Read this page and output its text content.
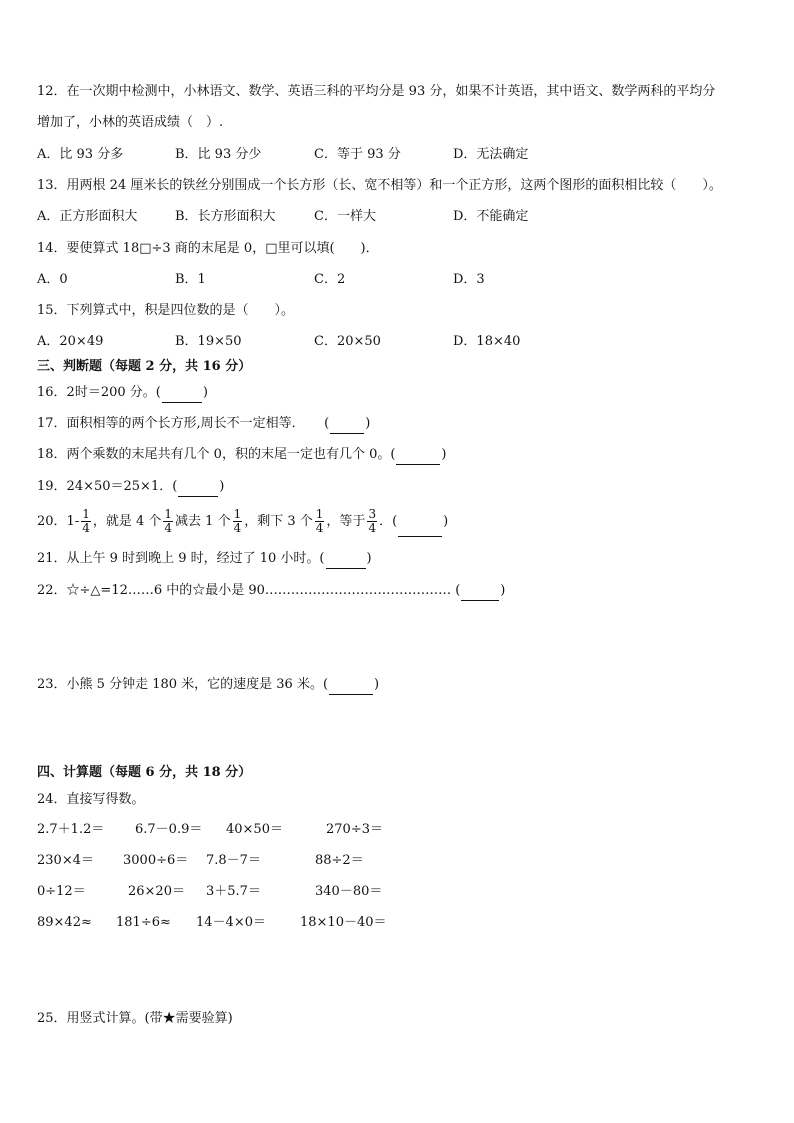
12．在一次期中检测中，小林语文、数学、英语三科的平均分是 93 分，如果不计英语，其中语文、数学两科的平均分
增加了，小林的英语成绩（　）.
A．比 93 分多	B．比 93 分少	C．等于 93 分	D．无法确定
13．用两根 24 厘米长的铁丝分别围成一个长方形（长、宽不相等）和一个正方形，这两个图形的面积相比较（　　）。
A．正方形面积大	B．长方形面积大	C．一样大	D．不能确定
14．要使算式 18□÷3 商的末尾是 0，□里可以填(　　)．
A．0	B．1	C．2	D．3
15．下列算式中，积是四位数的是（　　）。
A．20×49	B．19×50	C．20×50	D．18×40
三、判断题（每题 2 分，共 16 分）
16．2时＝200 分。(	)
17．面积相等的两个长方形,周长不一定相等．　　(	)
18．两个乘数的末尾共有几个 0，积的末尾一定也有几个 0。(	)
19．24×50＝25×1．(	)
20．$1- \frac{1}{4}$ ，就是 4 个 $\frac{1}{4}$ 减去 1 个 $\frac{1}{4}$ ，剩下 3 个 $\frac{1}{4}$ ，等于 $\frac{3}{4}$ ．(	)
21．从上午 9 时到晚上 9 时，经过了 10 小时。(	)
22．☆÷△=12……6 中的☆最小是 90.…………………………………… (	)
23．小熊 5 分钟走 180 米，它的速度是 36 米。(	)
四、计算题（每题 6 分，共 18 分）
24．直接写得数。
2.7＋1.2＝ 6.7－0.9＝ 40×50＝	270÷3＝
230×4＝ 3000÷6＝ 7.8－7＝	88÷2＝
0÷12＝	26×20＝ 3＋5.7＝	340－80＝
89×42≈ 181÷6≈ 14－4×0＝	18×10－40＝
25．用竖式计算。(带★需要验算)
